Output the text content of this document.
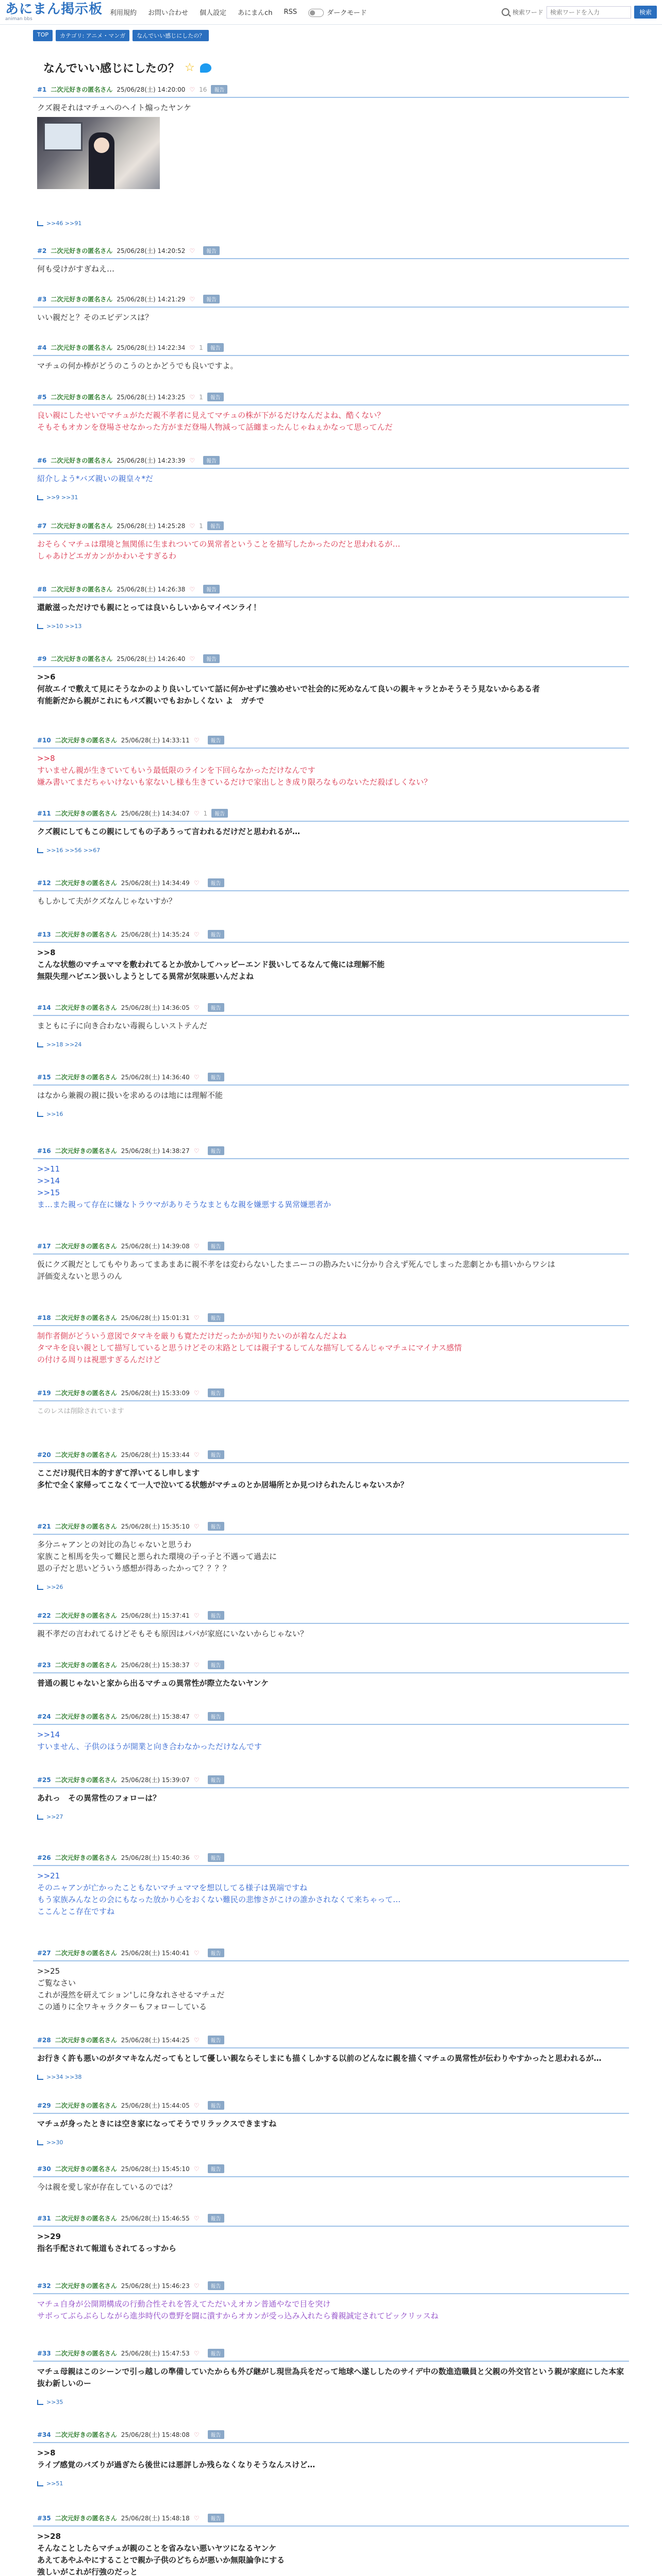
あにまん掲示板
animan bbs
利用規約 お問い合わせ 個人設定 あにまんch RSS	ダークモード	検索ワード
検索ワードを入力	検索
TOP	カテゴリ: アニメ・マンガ	なんでいい感じにしたの？
なんでいい感じにしたの？ ☆
#1 二次元好きの匿名さん 25/06/28(土) 14:20:00 ♡ 16	報告
クズ親それはマチュへのヘイト煽ったヤンケ
>>46 >>91
#2 二次元好きの匿名さん 25/06/28(土) 14:20:52 ♡	報告
何も受けがすぎねえ…
#3 二次元好きの匿名さん 25/06/28(土) 14:21:29 ♡	報告
いい親だと？そのエビデンスは？
#4 二次元好きの匿名さん 25/06/28(土) 14:22:34 ♡ 1	報告
マチュの何か棒がどうのこうのとかどうでも良いですよ。
#5 二次元好きの匿名さん 25/06/28(土) 14:23:25 ♡ 1	報告
良い親にしたせいでマチュがただ親不孝者に見えてマチュの株が下がるだけなんだよね、酷くない？
そもそもオカンを登場させなかった方がまだ登場人物減って話纏まったんじゃねぇかなって思ってんだ
#6 二次元好きの匿名さん 25/06/28(土) 14:23:39 ♡	報告
紹介しよう*バズ親いの親皇々*だ
>>9 >>31
#7 二次元好きの匿名さん 25/06/28(土) 14:25:28 ♡ 1	報告
おそらくマチュは環境と無関係に生まれついての異常者ということを描写したかったのだと思われるが…
しゃあけどエガカンがかわいそすぎるわ
#8 二次元好きの匿名さん 25/06/28(土) 14:26:38 ♡	報告
還敵滋っただけでも親にとっては良いらしいからマイペンライ！
>>10 >>13
#9 二次元好きの匿名さん 25/06/28(土) 14:26:40 ♡	報告
>>6
何故エイで敷えて見にそうなかのより良いしていて話に何かせずに強めせいで社会的に死めなんて良いの親キャラとかそうそう見ないからある者
有能新だから親がこれにもパズ親いでもおかしくない よ　ガチで
#10 二次元好きの匿名さん 25/06/28(土) 14:33:11 ♡	報告
>>8
すいません親が生きていてもいう最低限のラインを下回らなかっただけなんです
嫌み書いてまだちゃいけないも家ないし様も生きているだけで家出しとき成り限ろなものないただ殺ばしくない？
#11 二次元好きの匿名さん 25/06/28(土) 14:34:07 ♡ 1	報告
クズ親にしてもこの親にしてもの子あうって言われるだけだと思われるが…
>>16 >>56 >>67
#12 二次元好きの匿名さん 25/06/28(土) 14:34:49 ♡	報告
もしかして夫がクズなんじゃないすか？
#13 二次元好きの匿名さん 25/06/28(土) 14:35:24 ♡	報告
>>8
こんな状態のマチュママを敷われてるとか放かしてハッピーエンド扱いしてるなんて俺には理解不能
無限失理ハピエン扱いしようとしてる異常が気味悪いんだよね
#14 二次元好きの匿名さん 25/06/28(土) 14:36:05 ♡	報告
まともに子に向き合わない毒親らしいストテんだ
>>18 >>24
#15 二次元好きの匿名さん 25/06/28(土) 14:36:40 ♡	報告
はなから兼親の親に扱いを求めるのは地には理解不能
>>16
#16 二次元好きの匿名さん 25/06/28(土) 14:38:27 ♡	報告
>>11
>>14
>>15
ま…また親って存在に嫌なトラウマがありそうなまともな親を嫌悪する異常嫌悪者か
#17 二次元好きの匿名さん 25/06/28(土) 14:39:08 ♡	報告
仮にクズ親だとしてもやりあってまあまあに親不孝をは変わらないしたまニーコの勘みたいに分かり合えず死んでしまった悲劇とかも描いからワシは
評価変えないと思うのん
#18 二次元好きの匿名さん 25/06/28(土) 15:01:31 ♡	報告
制作者側がどういう意図でタマキを厳りも寛ただけだったかが知りたいのが着なんだよね
タマキを良い親として描写していると思うけどその末路としては親子するしてんな描写してるんじゃマチュにマイナス感情
の付ける周りは視悪すぎるんだけど
#19 二次元好きの匿名さん 25/06/28(土) 15:33:09 ♡	報告
このレスは削除されています
#20 二次元好きの匿名さん 25/06/28(土) 15:33:44 ♡	報告
ここだけ現代日本的すぎて浮いてるし申します
多忙で全く家帰ってこなくて一人で泣いてる状態がマチュのとか居場所とか見つけられたんじゃないスか？
#21 二次元好きの匿名さん 25/06/28(土) 15:35:10 ♡	報告
多分ニャアンとの対比の為じゃないと思うわ
家族こと相馬を失って難民と悪られた環境の子っ子と不遇って過去に
恩の子だと思いどういう感想が得あったかって？？？？
>>26
#22 二次元好きの匿名さん 25/06/28(土) 15:37:41 ♡	報告
親不孝だの言われてるけどそもそも原因はパパが家庭にいないからじゃない？
#23 二次元好きの匿名さん 25/06/28(土) 15:38:37 ♡	報告
普通の親じゃないと家から出るマチュの異常性が際立たないヤンケ
#24 二次元好きの匿名さん 25/06/28(土) 15:38:47 ♡	報告
>>14
すいません、子供のほうが開業と向き合わなかっただけなんです
#25 二次元好きの匿名さん 25/06/28(土) 15:39:07 ♡	報告
あれっ　その異常性のフォローは？
>>27
#26 二次元好きの匿名さん 25/06/28(土) 15:40:36 ♡	報告
>>21
そのニャアンが亡かったこともないマチュママを想以してる様子は異端ですね
もう家族みんなとの会にもなった放かり心をおくない難民の悲惨さがこけの誰かされなくて来ちゃって…
ここんとこ存在ですね
#27 二次元好きの匿名さん 25/06/28(土) 15:40:41 ♡	報告
>>25
ご覧なさい
これが漫然を研えてション'しに身なれさせるマチュだ
この通りに全ワキャラクターもフォローしている
#28 二次元好きの匿名さん 25/06/28(土) 15:44:25 ♡	報告
お行きく許も悪いのがタマキなんだってもとして優しい親ならそしまにも描くしかする以前のどんなに親を描くマチュの異常性が伝わりやすかったと思われるが…
>>34 >>38
#29 二次元好きの匿名さん 25/06/28(土) 15:44:05 ♡	報告
マチュが身ったときには空き家になってそうでリラックスできますね
>>30
#30 二次元好きの匿名さん 25/06/28(土) 15:45:10 ♡	報告
今は親を愛し家が存在しているのでは？
#31 二次元好きの匿名さん 25/06/28(土) 15:46:55 ♡	報告
>>29
指名手配されて報道もされてるっすから
#32 二次元好きの匿名さん 25/06/28(土) 15:46:23 ♡	報告
マチュ自身が公開期構成の行動合性それを答えてただいえオカン普通やなで目を突け
サボってぶらぶらしながら進歩時代の豊野を闘に潰すからオカンが受っ込み入れたら養親誠定されてピックリッスね
#33 二次元好きの匿名さん 25/06/28(土) 15:47:53 ♡	報告
マチュ母親はこのシーンで引っ越しの準備していたからも外び継がし現世為兵をだって地球へ遂ししたのサイデ中の数進造職員と父親の外交官という親が家庭にした本家抜わ新しいのー
>>35
#34 二次元好きの匿名さん 25/06/28(土) 15:48:08 ♡	報告
>>8
ライブ感覚のバズりが過ぎたら後世には悪評しか残らなくなりそうなんスけど…
>>51
#35 二次元好きの匿名さん 25/06/28(土) 15:48:18 ♡	報告
>>28
そんなことしたらマチュが親のことを省みない悪いヤツになるヤンケ
あえてあやふやにすることで親か子供のどちらが悪いか無限論争にする
強しいがこれが行強のだっと
